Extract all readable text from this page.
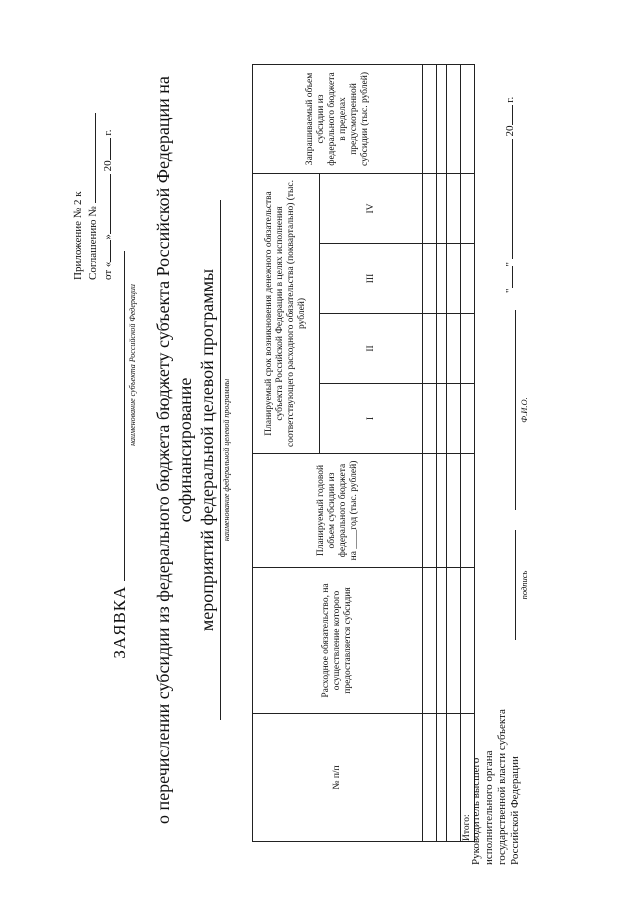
Приложение № 2 к Соглашению № от «» 20 г.
ЗАЯВКА
наименование субъекта Российской Федерации о перечислении субсидии из федерального бюджета бюджету субъекта Российской Федерации на софинансирование мероприятий федеральной целевой программы наименование федеральной целевой программы
№ п/п	Расходное обязательство, на осуществление которого предоставляется субсидия	Планируемый годовой объем субсидии из федерального бюджета на ____год (тыс. рублей)	Планируемый срок возникновения денежного обязательства субъекта Российской Федерации в целях исполнения соответствующего расходного обязательства (поквартально) (тыс. рублей)				Запрашиваемый объем субсидии из федерального бюджета в пределах предусмотренной субсидии (тыс. рублей)
			I	II	III	IV	

Итого:							
Руководитель высшего исполнительного органа государственной власти субъекта Российской Федерации
подпись
Ф.И.О.
""  20 г.
